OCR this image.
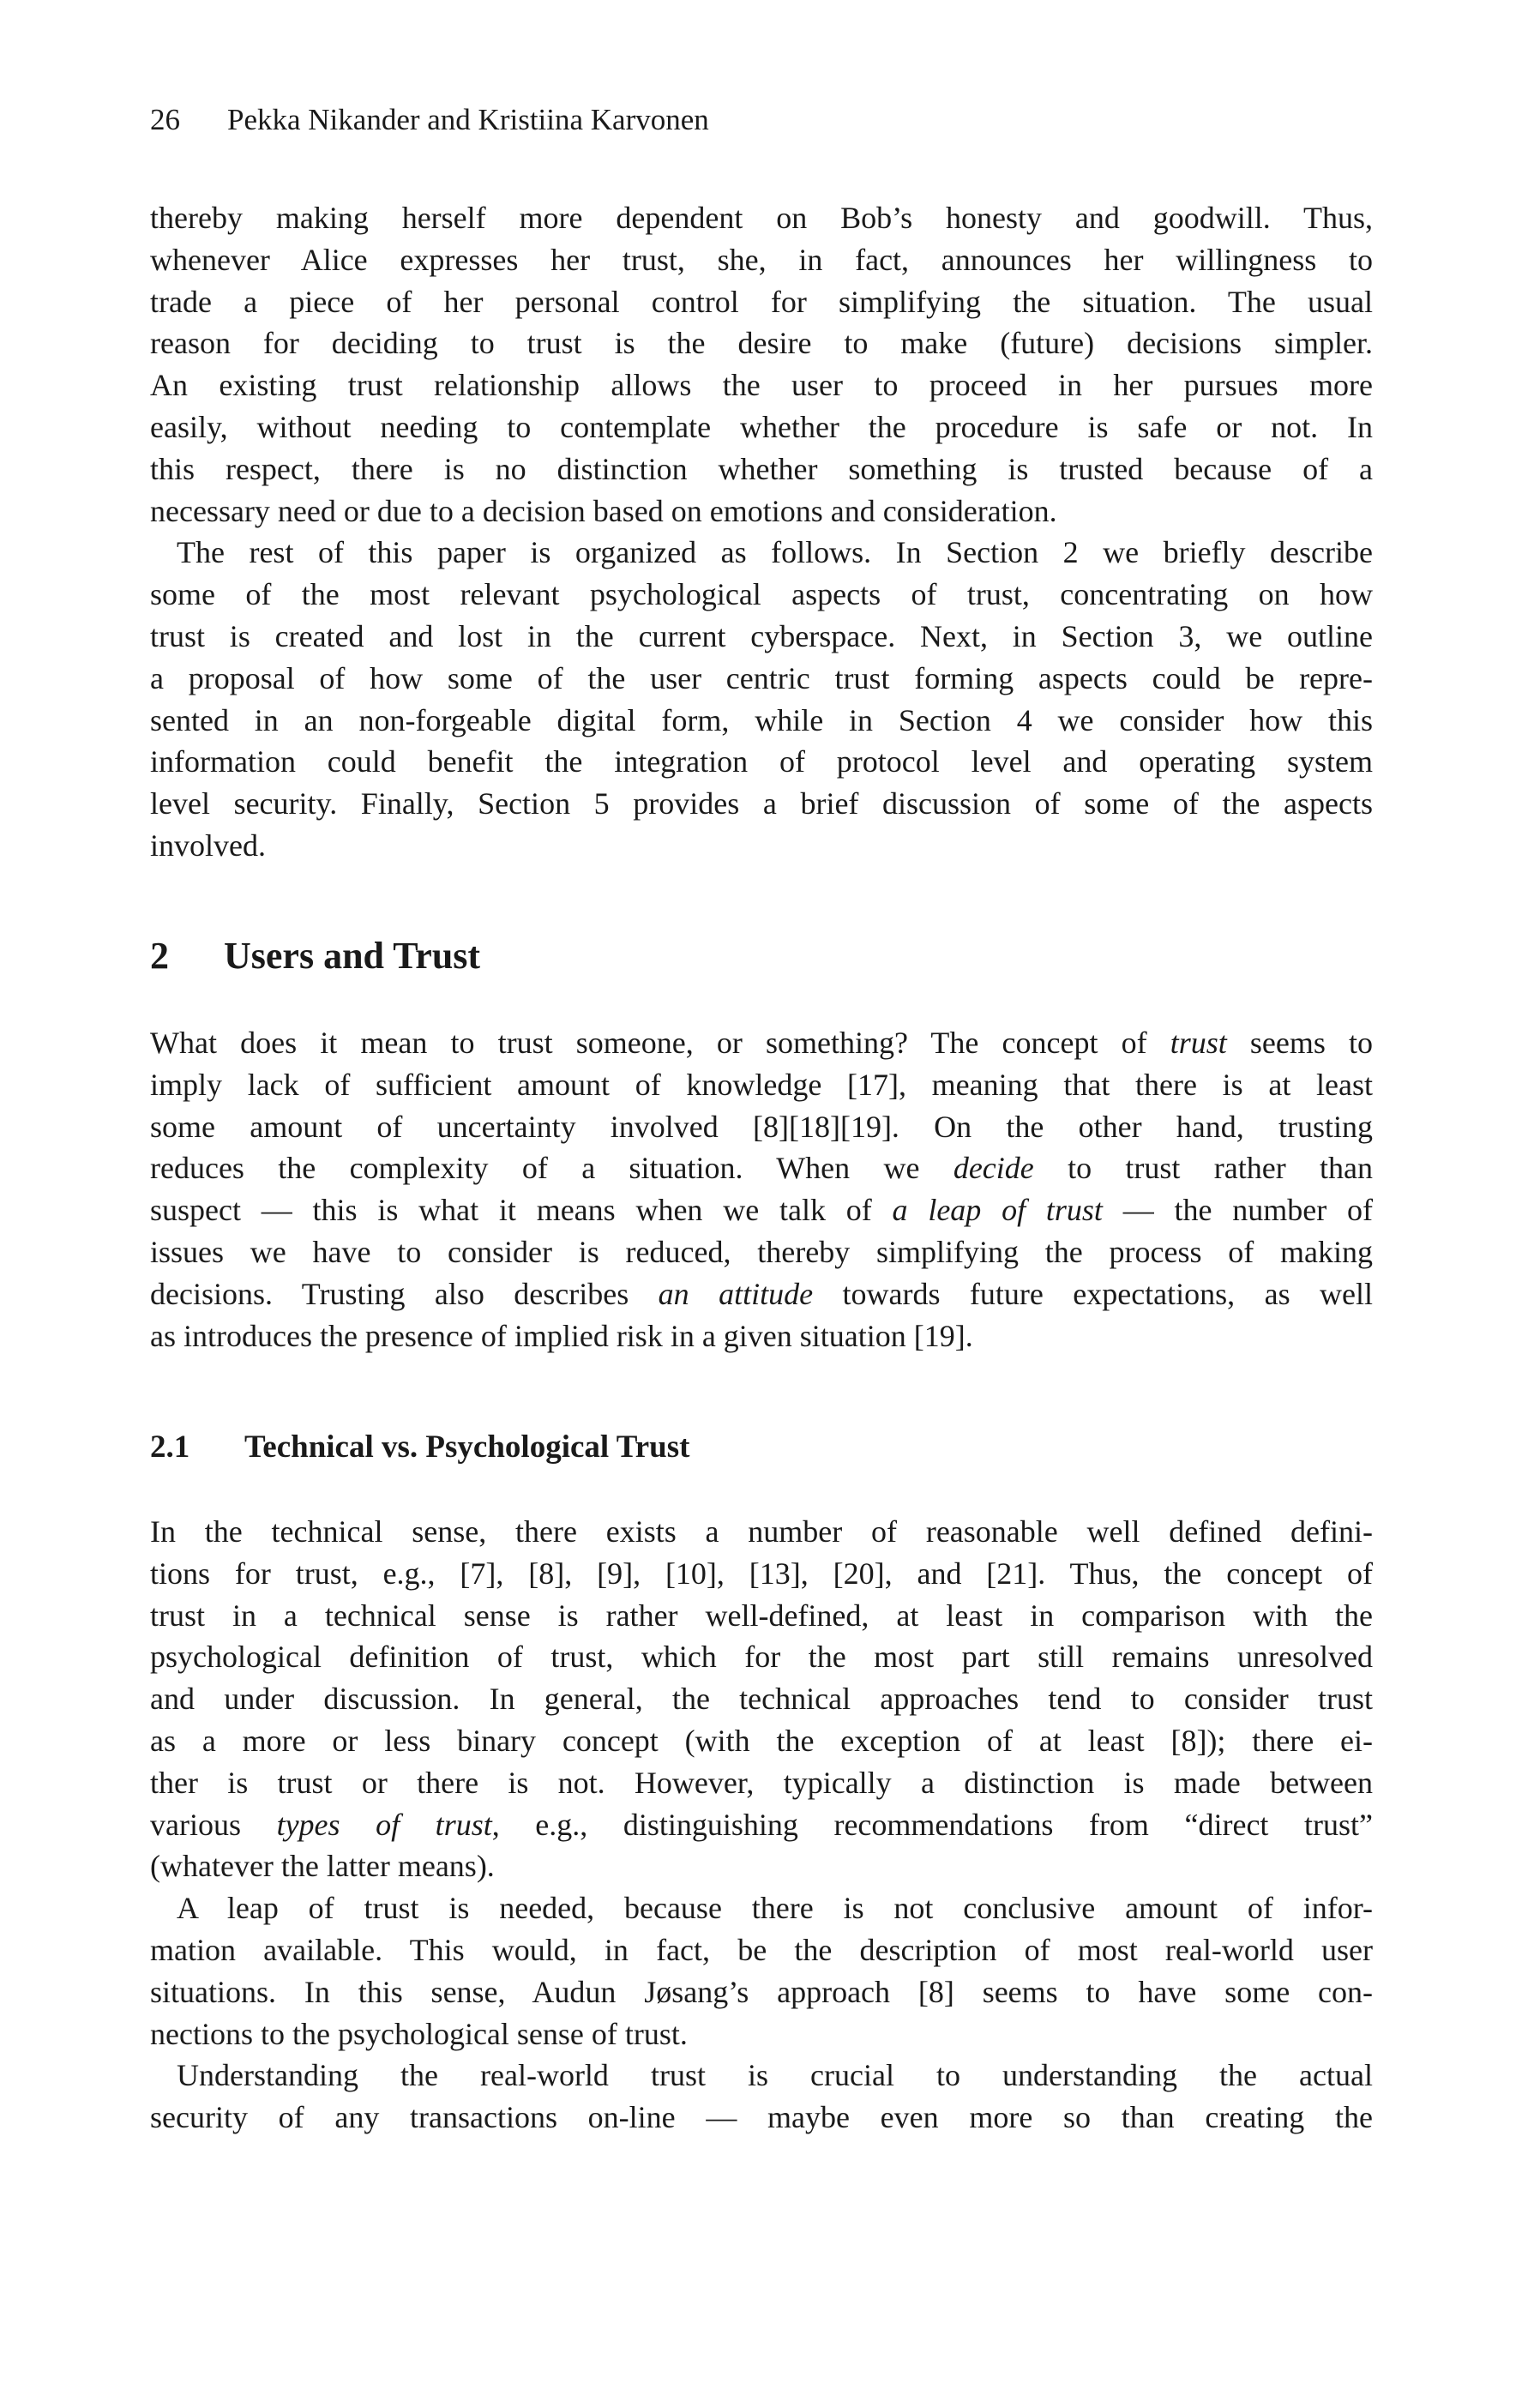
26 Pekka Nikander and Kristiina Karvonen
thereby making herself more dependent on Bob’s honesty and goodwill. Thus,
whenever Alice expresses her trust, she, in fact, announces her willingness to
trade a piece of her personal control for simplifying the situation. The usual
reason for deciding to trust is the desire to make (future) decisions simpler.
An existing trust relationship allows the user to proceed in her pursues more
easily, without needing to contemplate whether the procedure is safe or not. In
this respect, there is no distinction whether something is trusted because of a
necessary need or due to a decision based on emotions and consideration.
The rest of this paper is organized as follows. In Section 2 we briefly describe
some of the most relevant psychological aspects of trust, concentrating on how
trust is created and lost in the current cyberspace. Next, in Section 3, we outline
a proposal of how some of the user centric trust forming aspects could be repre-
sented in an non-forgeable digital form, while in Section 4 we consider how this
information could benefit the integration of protocol level and operating system
level security. Finally, Section 5 provides a brief discussion of some of the aspects
involved.
2 Users and Trust
What does it mean to trust someone, or something? The concept of trust seems to
imply lack of sufficient amount of knowledge [17], meaning that there is at least
some amount of uncertainty involved [8][18][19]. On the other hand, trusting
reduces the complexity of a situation. When we decide to trust rather than
suspect — this is what it means when we talk of a leap of trust — the number of
issues we have to consider is reduced, thereby simplifying the process of making
decisions. Trusting also describes an attitude towards future expectations, as well
as introduces the presence of implied risk in a given situation [19].
2.1 Technical vs. Psychological Trust
In the technical sense, there exists a number of reasonable well defined defini-
tions for trust, e.g., [7], [8], [9], [10], [13], [20], and [21]. Thus, the concept of
trust in a technical sense is rather well-defined, at least in comparison with the
psychological definition of trust, which for the most part still remains unresolved
and under discussion. In general, the technical approaches tend to consider trust
as a more or less binary concept (with the exception of at least [8]); there ei-
ther is trust or there is not. However, typically a distinction is made between
various types of trust, e.g., distinguishing recommendations from “direct trust”
(whatever the latter means).
A leap of trust is needed, because there is not conclusive amount of infor-
mation available. This would, in fact, be the description of most real-world user
situations. In this sense, Audun Jøsang’s approach [8] seems to have some con-
nections to the psychological sense of trust.
Understanding the real-world trust is crucial to understanding the actual
security of any transactions on-line — maybe even more so than creating the
